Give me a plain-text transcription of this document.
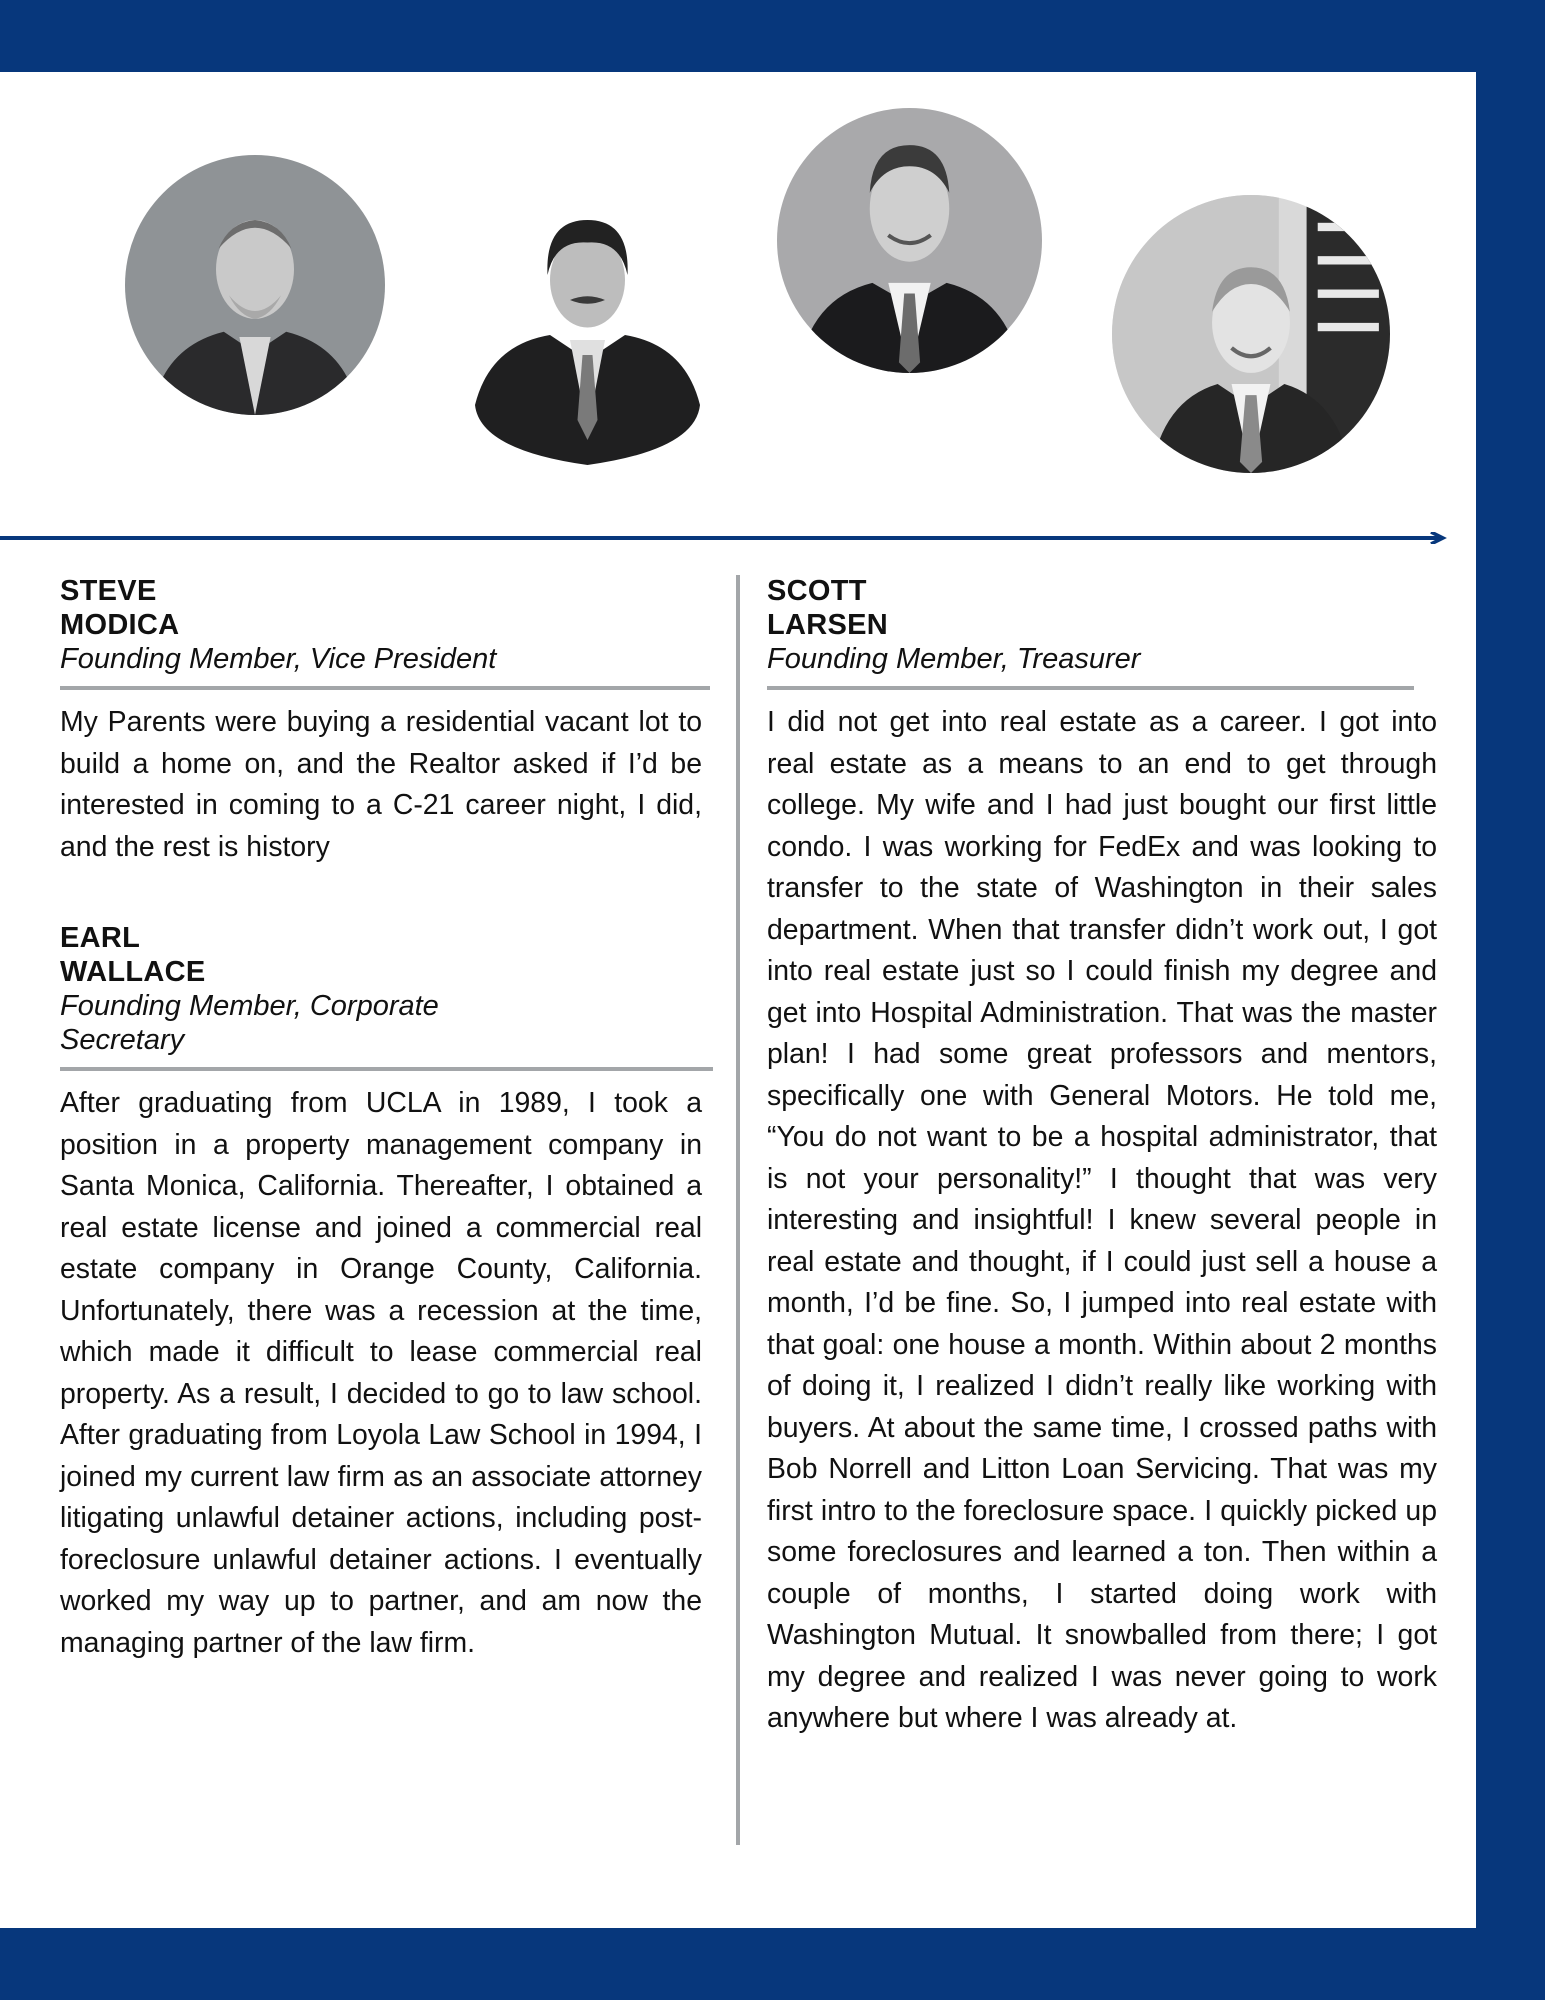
STEVE
MODICA

Founding Member, Vice President

My Parents were buying a residential vacant lot to build a home on, and the Realtor asked if I’d be interested in coming to a C-21 career night, I did, and the rest is history

EARL
WALLACE

Founding Member, Corporate Secretary

After graduating from UCLA in 1989, I took a position in a property management company in Santa Monica, California. Thereafter, I obtained a real estate license and joined a commercial real estate company in Orange County, California. Unfortunately, there was a recession at the time, which made it difficult to lease commercial real property. As a result, I decided to go to law school. After graduating from Loyola Law School in 1994, I joined my current law firm as an associate attorney litigating unlawful detainer actions, including post-foreclosure unlawful detainer actions. I eventually worked my way up to partner, and am now the managing partner of the law firm.

SCOTT
LARSEN

Founding Member, Treasurer

I did not get into real estate as a career. I got into real estate as a means to an end to get through college. My wife and I had just bought our first little condo. I was working for FedEx and was looking to transfer to the state of Washington in their sales department. When that transfer didn’t work out, I got into real estate just so I could finish my degree and get into Hospital Administration. That was the master plan! I had some great professors and mentors, specifically one with General Motors. He told me, “You do not want to be a hospital administrator, that is not your personality!” I thought that was very interesting and insightful! I knew several people in real estate and thought, if I could just sell a house a month, I’d be fine. So, I jumped into real estate with that goal: one house a month. Within about 2 months of doing it, I realized I didn’t really like working with buyers. At about the same time, I crossed paths with Bob Norrell and Litton Loan Servicing. That was my first intro to the foreclosure space. I quickly picked up some foreclosures and learned a ton. Then within a couple of months, I started doing work with Washington Mutual. It snowballed from there; I got my degree and realized I was never going to work anywhere but where I was already at.
